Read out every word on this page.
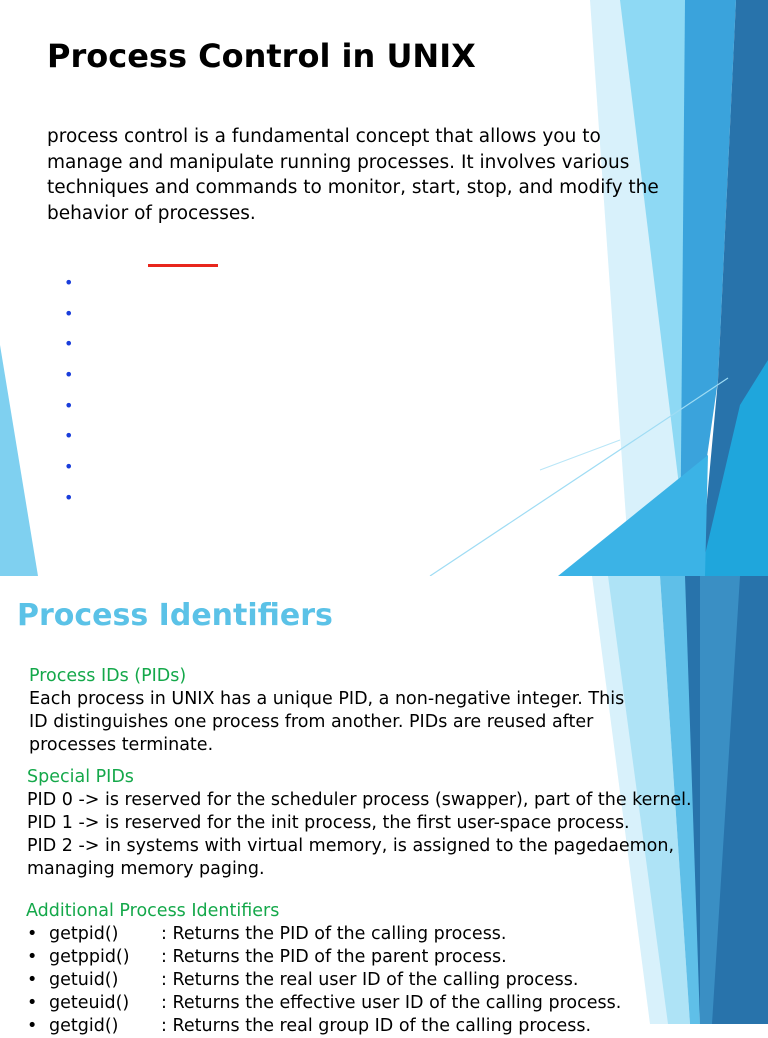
Process Control in UNIX
process control is a fundamental concept that allows you to
manage and manipulate running processes. It involves various
techniques and commands to monitor, start, stop, and modify the
behavior of processes.
•
•
•
•
•
•
•
•
Process Identifiers
Process IDs (PIDs)
Each process in UNIX has a unique PID, a non-negative integer. This
ID distinguishes one process from another. PIDs are reused after
processes terminate.
Special PIDs
PID 0 -> is reserved for the scheduler process (swapper), part of the kernel.
PID 1 -> is reserved for the init process, the first user-space process.
PID 2 -> in systems with virtual memory, is assigned to the pagedaemon,
managing memory paging.
Additional Process Identifiers
• getpid() : Returns the PID of the calling process.
• getppid() : Returns the PID of the parent process.
• getuid() : Returns the real user ID of the calling process.
• geteuid() : Returns the effective user ID of the calling process.
• getgid() : Returns the real group ID of the calling process.
